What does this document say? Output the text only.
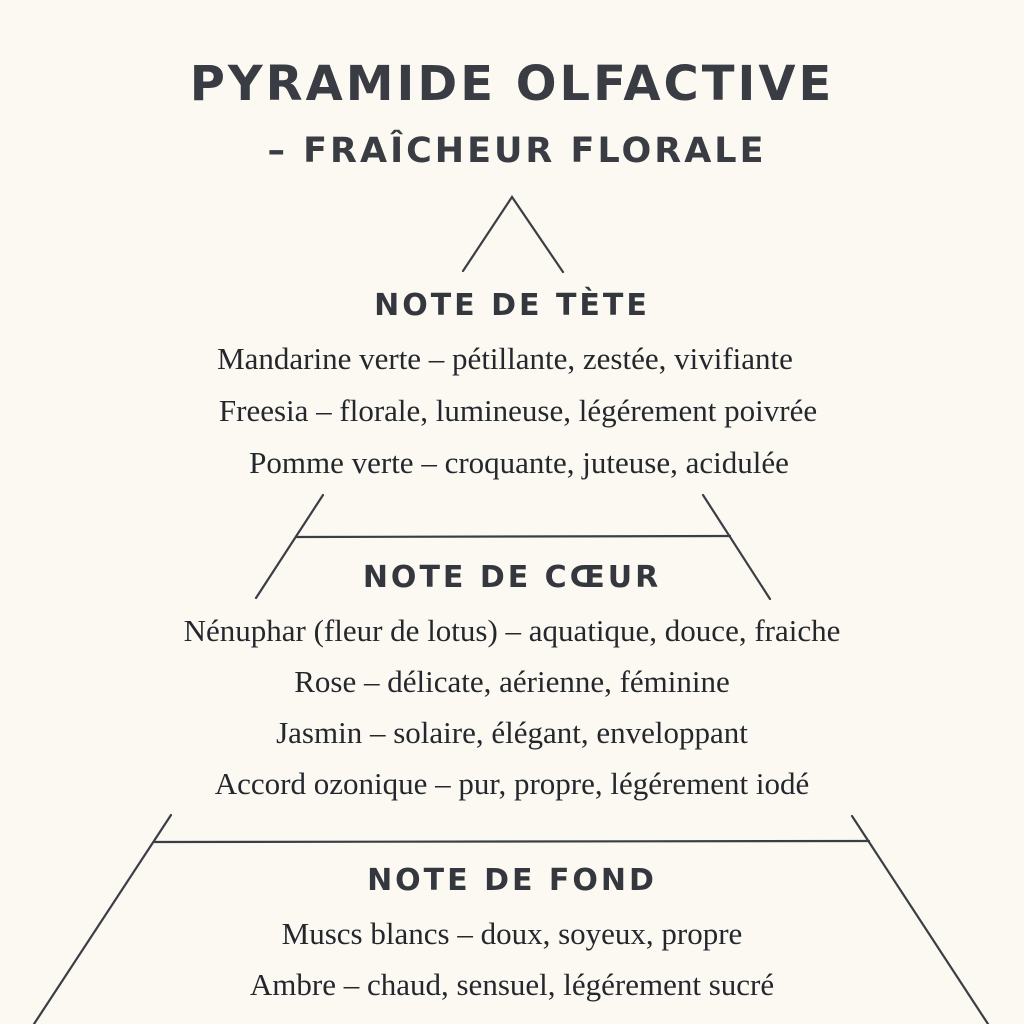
PYRAMIDE OLFACTIVE
– FRAÎCHEUR FLORALE
NOTE DE TÈTE
Mandarine verte – pétillante, zestée, vivifiante
Freesia – florale, lumineuse, légérement poivrée
Pomme verte – croquante, juteuse, acidulée
NOTE DE CŒUR
Nénuphar (fleur de lotus) – aquatique, douce, fraiche
Rose – délicate, aérienne, féminine
Jasmin – solaire, élégant, enveloppant
Accord ozonique – pur, propre, légérement iodé
NOTE DE FOND
Muscs blancs – doux, soyeux, propre
Ambre – chaud, sensuel, légérement sucré
